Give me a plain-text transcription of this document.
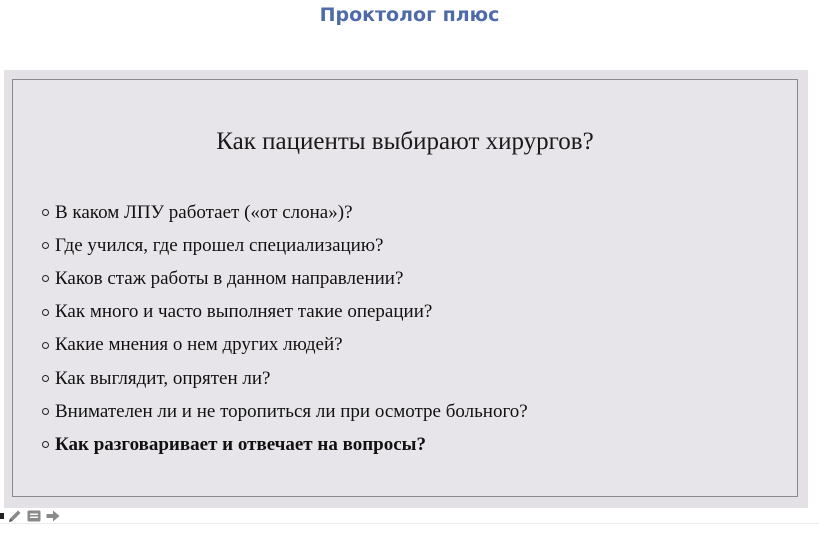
Проктолог плюс
Как пациенты выбирают хирургов?
В каком ЛПУ работает («от слона»)?
Где учился, где прошел специализацию?
Каков стаж работы в данном направлении?
Как много и часто выполняет такие операции?
Какие мнения о нем других людей?
Как выглядит, опрятен ли?
Внимателен ли и не торопиться ли при осмотре больного?
Как разговаривает и отвечает на вопросы?
